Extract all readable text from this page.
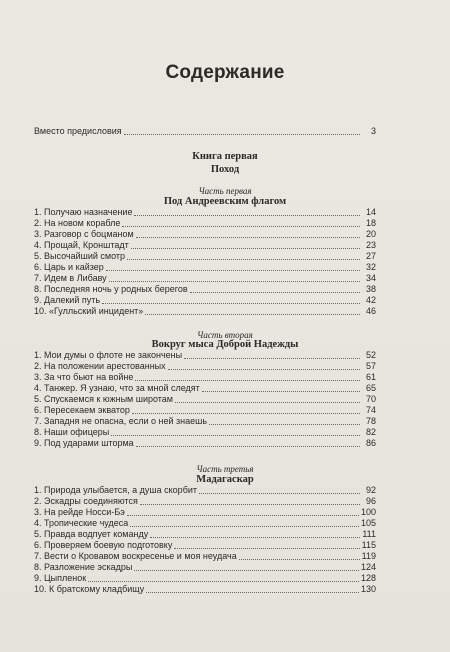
Содержание
Вместо предисловия	3
Книга первая
Поход
Часть первая
Под Андреевским флагом
1. Получаю назначение	14
2. На новом корабле	18
3. Разговор с боцманом	20
4. Прощай, Кронштадт	23
5. Высочайший смотр	27
6. Царь и кайзер	32
7. Идем в Либаву	34
8. Последняя ночь у родных берегов	38
9. Далекий путь	42
10. «Гулльский инцидент»	46
Часть вторая
Вокруг мыса Доброй Надежды
1. Мои думы о флоте не закончены	52
2. На положении арестованных	57
3. За что бьют на войне	61
4. Танжер. Я узнаю, что за мной следят	65
5. Спускаемся к южным широтам	70
6. Пересекаем экватор	74
7. Западня не опасна, если о ней знаешь	78
8. Наши офицеры	82
9. Под ударами шторма	86
Часть третья
Мадагаскар
1. Природа улыбается, а душа скорбит	92
2. Эскадры соединяются	96
3. На рейде Носси-Бэ	100
4. Тропические чудеса	105
5. Правда водпует команду	111
6. Проверяем боевую подготовку	115
7. Вести о Кровавом воскресенье и моя неудача	119
8. Разложение эскадры	124
9. Цыпленок	128
10. К братскому кладбищу	130
